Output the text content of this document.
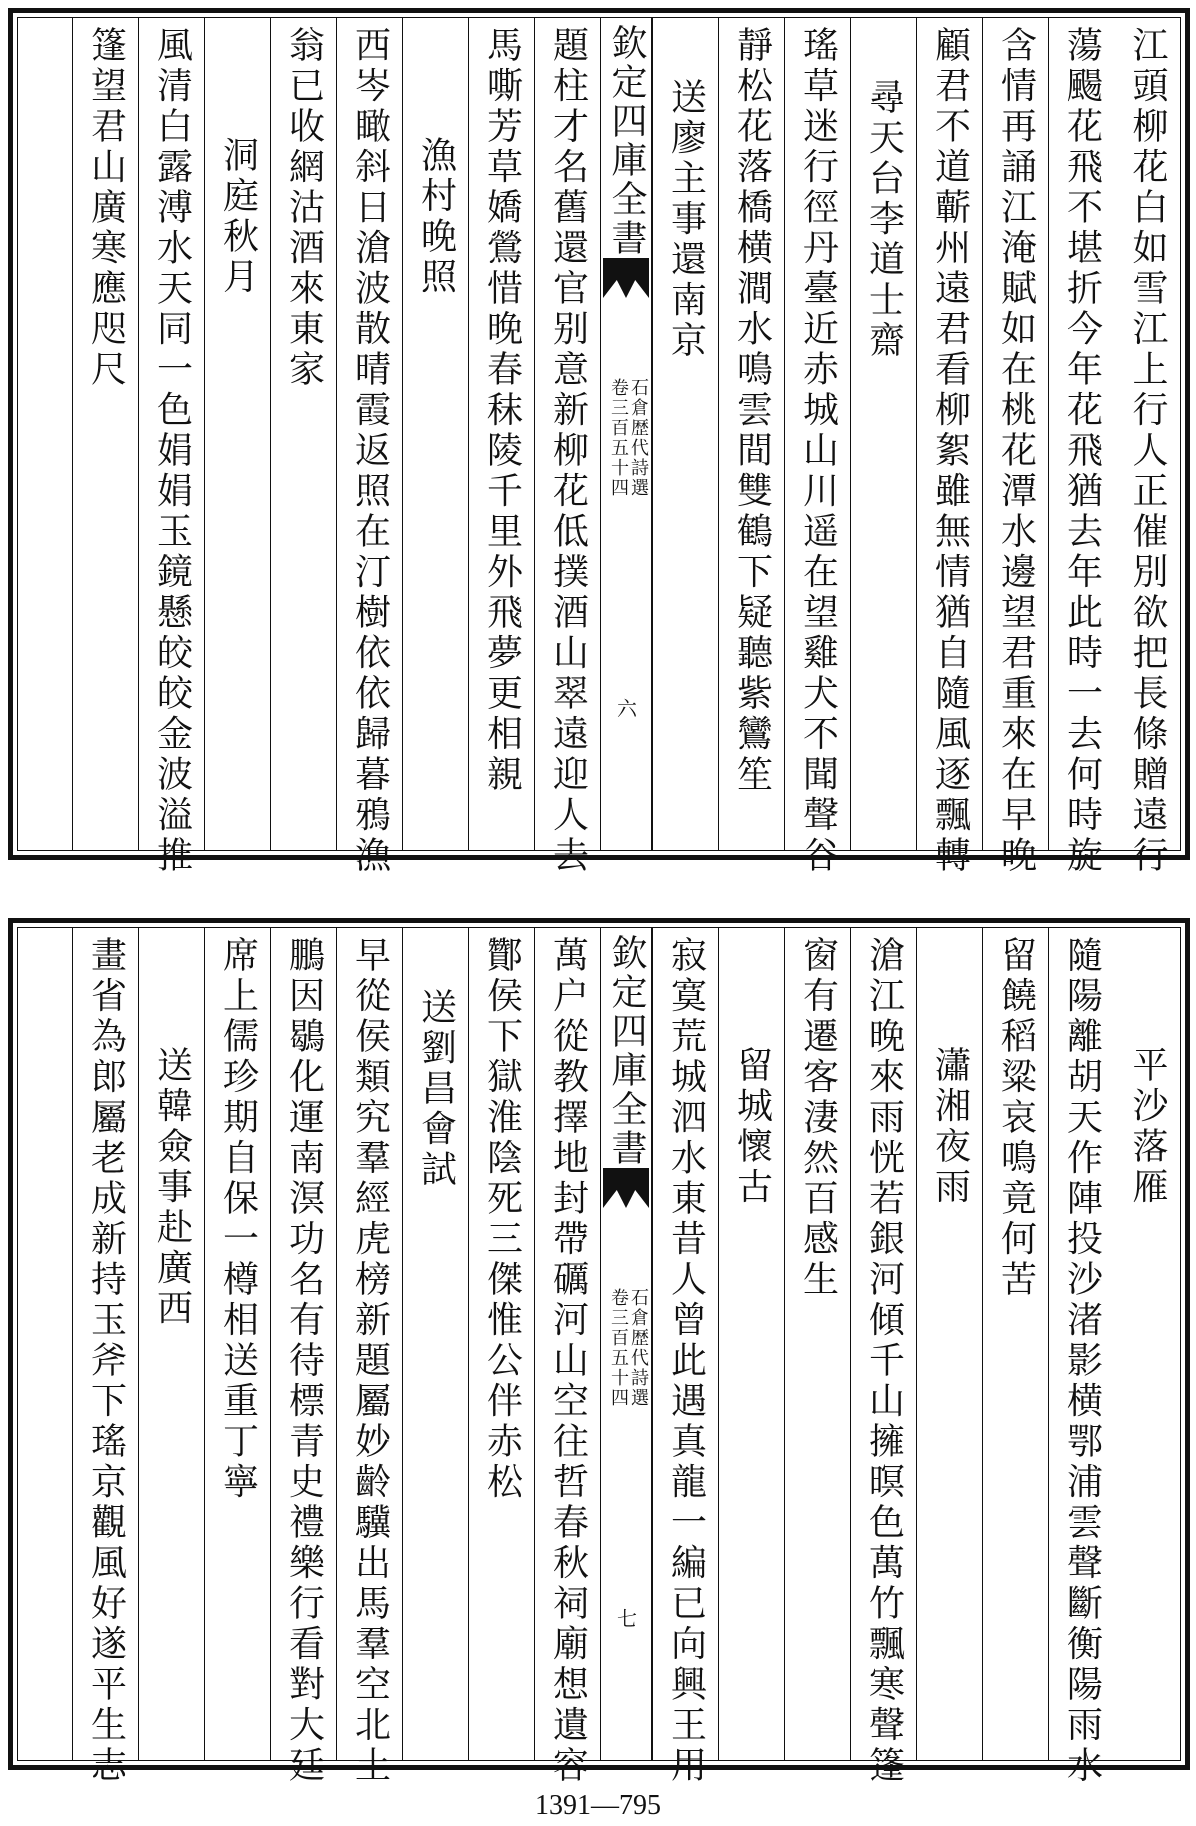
江頭柳花白如雪江上行人正催別欲把長條贈遠行
蕩颺花飛不堪折今年花飛猶去年此時一去何時旋
含情再誦江淹賦如在桃花潭水邊望君重來在早晚
顧君不道蘄州遠君看柳絮雖無情猶自隨風逐飄轉
尋天台李道士齋
瑤草迷行徑丹臺近赤城山川遥在望雞犬不聞聲谷
靜松花落橋横澗水鳴雲間雙鶴下疑聽紫鸞笙
送廖主事還南京
欽定四庫全書
石倉歴代詩選
卷三百五十四
六
題柱才名舊還官别意新柳花低撲酒山翠遠迎人去
馬嘶芳草嬌鶯惜晚春秣陵千里外飛夢更相親
漁村晚照
西岑瞰斜日滄波散晴霞返照在汀樹依依歸暮鴉漁
翁已收網沽酒來東家
洞庭秋月
風清白露溥水天同一色娟娟玉鏡懸皎皎金波溢推
篷望君山廣寒應咫尺
平沙落雁
隨陽離胡天作陣投沙渚影横鄂浦雲聲斷衡陽雨水
留饒稻粱哀鳴竟何苦
瀟湘夜雨
滄江晚來雨恍若銀河傾千山擁暝色萬竹飄寒聲篷
窗有遷客淒然百感生
留城懷古
寂寞荒城泗水東昔人曾此遇真龍一編已向興王用
欽定四庫全書
石倉歴代詩選
卷三百五十四
七
萬户從教擇地封帶礪河山空往哲春秋祠廟想遺容
酇侯下獄淮陰死三傑惟公伴赤松
送劉昌會試
早從侯類究羣經虎榜新題屬妙齡驥出馬羣空北土
鵬因鶡化運南溟功名有待標青史禮樂行看對大廷
席上儒珍期自保一樽相送重丁寧
送韓僉事赴廣西
畫省為郎屬老成新持玉斧下瑤京觀風好遂平生志
1391—795
